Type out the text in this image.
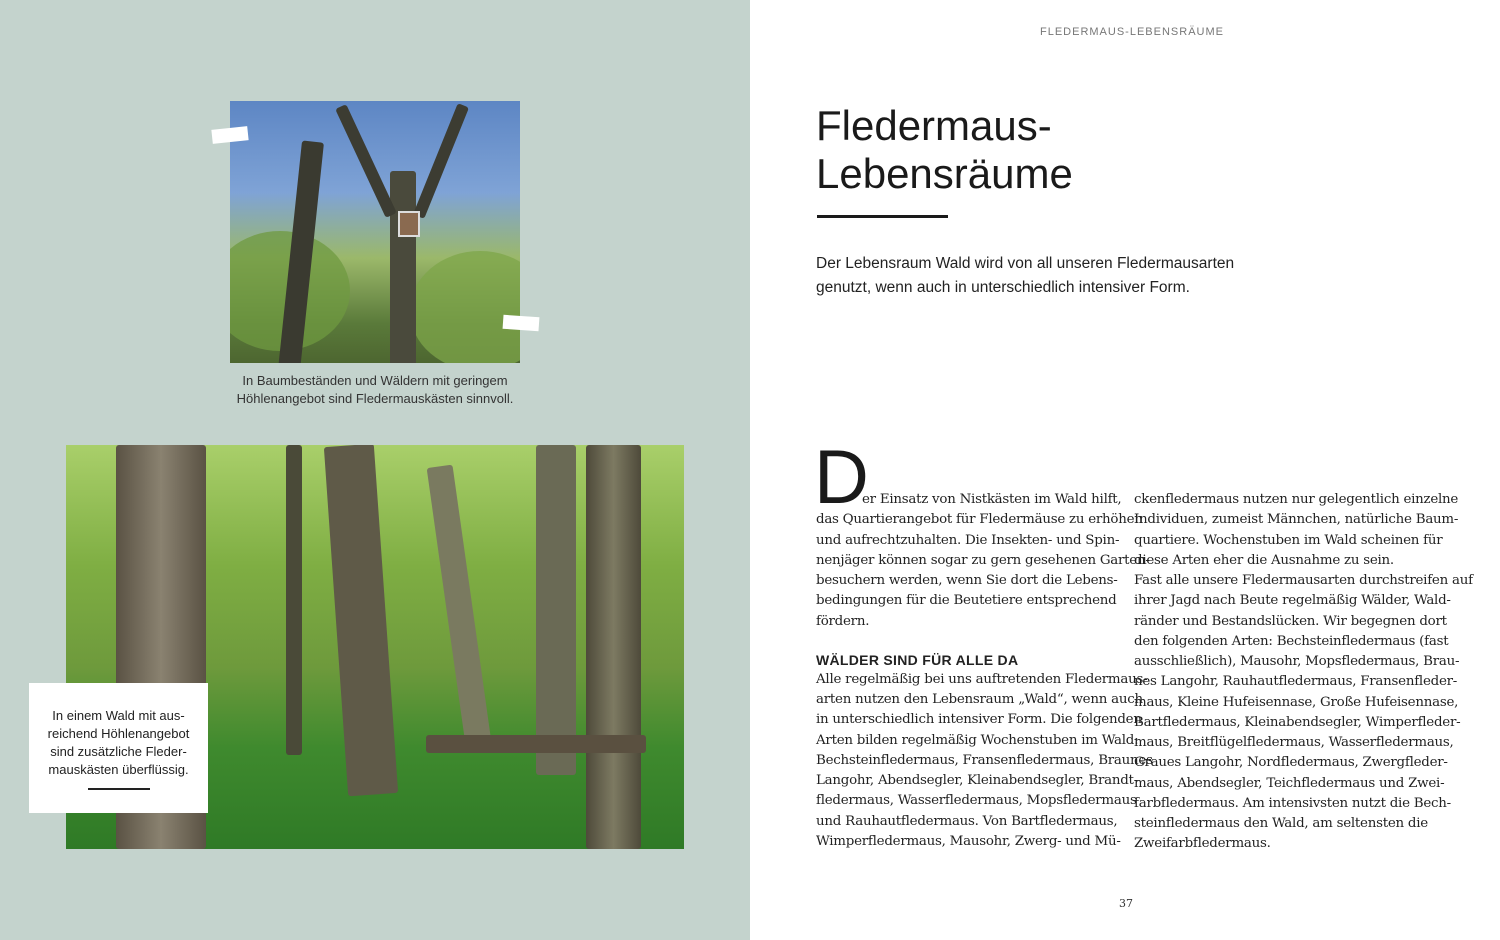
In Baumbeständen und Wäldern mit geringem
Höhlenangebot sind Fledermauskästen sinnvoll.
In einem Wald mit aus-
reichend Höhlenangebot
sind zusätzliche Fleder-
mauskästen überflüssig.
FLEDERMAUS-LEBENSRÄUME
Fledermaus-
Lebensräume
Der Lebensraum Wald wird von all unseren Fledermausarten
genutzt, wenn auch in unterschiedlich intensiver Form.
D
er Einsatz von Nistkästen im Wald hilft,
das Quartierangebot für Fledermäuse zu erhöhen
und aufrechtzuhalten. Die Insekten- und Spin-
nenjäger können sogar zu gern gesehenen Garten-
besuchern werden, wenn Sie dort die Lebens-
bedingungen für die Beutetiere entsprechend
fördern.
WÄLDER SIND FÜR ALLE DA
Alle regelmäßig bei uns auftretenden Fledermaus-
arten nutzen den Lebensraum „Wald“, wenn auch
in unterschiedlich intensiver Form. Die folgenden
Arten bilden regelmäßig Wochenstuben im Wald:
Bechsteinfledermaus, Fransenfledermaus, Braunes
Langohr, Abendsegler, Kleinabendsegler, Brandt-
fledermaus, Wasserfledermaus, Mopsfledermaus
und Rauhautfledermaus. Von Bartfledermaus,
Wimperfledermaus, Mausohr, Zwerg- und Mü-
ckenfledermaus nutzen nur gelegentlich einzelne
Individuen, zumeist Männchen, natürliche Baum-
quartiere. Wochenstuben im Wald scheinen für
diese Arten eher die Ausnahme zu sein.
Fast alle unsere Fledermausarten durchstreifen auf
ihrer Jagd nach Beute regelmäßig Wälder, Wald-
ränder und Bestandslücken. Wir begegnen dort
den folgenden Arten: Bechsteinfledermaus (fast
ausschließlich), Mausohr, Mopsfledermaus, Brau-
nes Langohr, Rauhautfledermaus, Fransenfleder-
maus, Kleine Hufeisennase, Große Hufeisennase,
Bartfledermaus, Kleinabendsegler, Wimperfleder-
maus, Breitflügelfledermaus, Wasserfledermaus,
Graues Langohr, Nordfledermaus, Zwergfleder-
maus, Abendsegler, Teichfledermaus und Zwei-
farbfledermaus. Am intensivsten nutzt die Bech-
steinfledermaus den Wald, am seltensten die
Zweifarbfledermaus.
37
